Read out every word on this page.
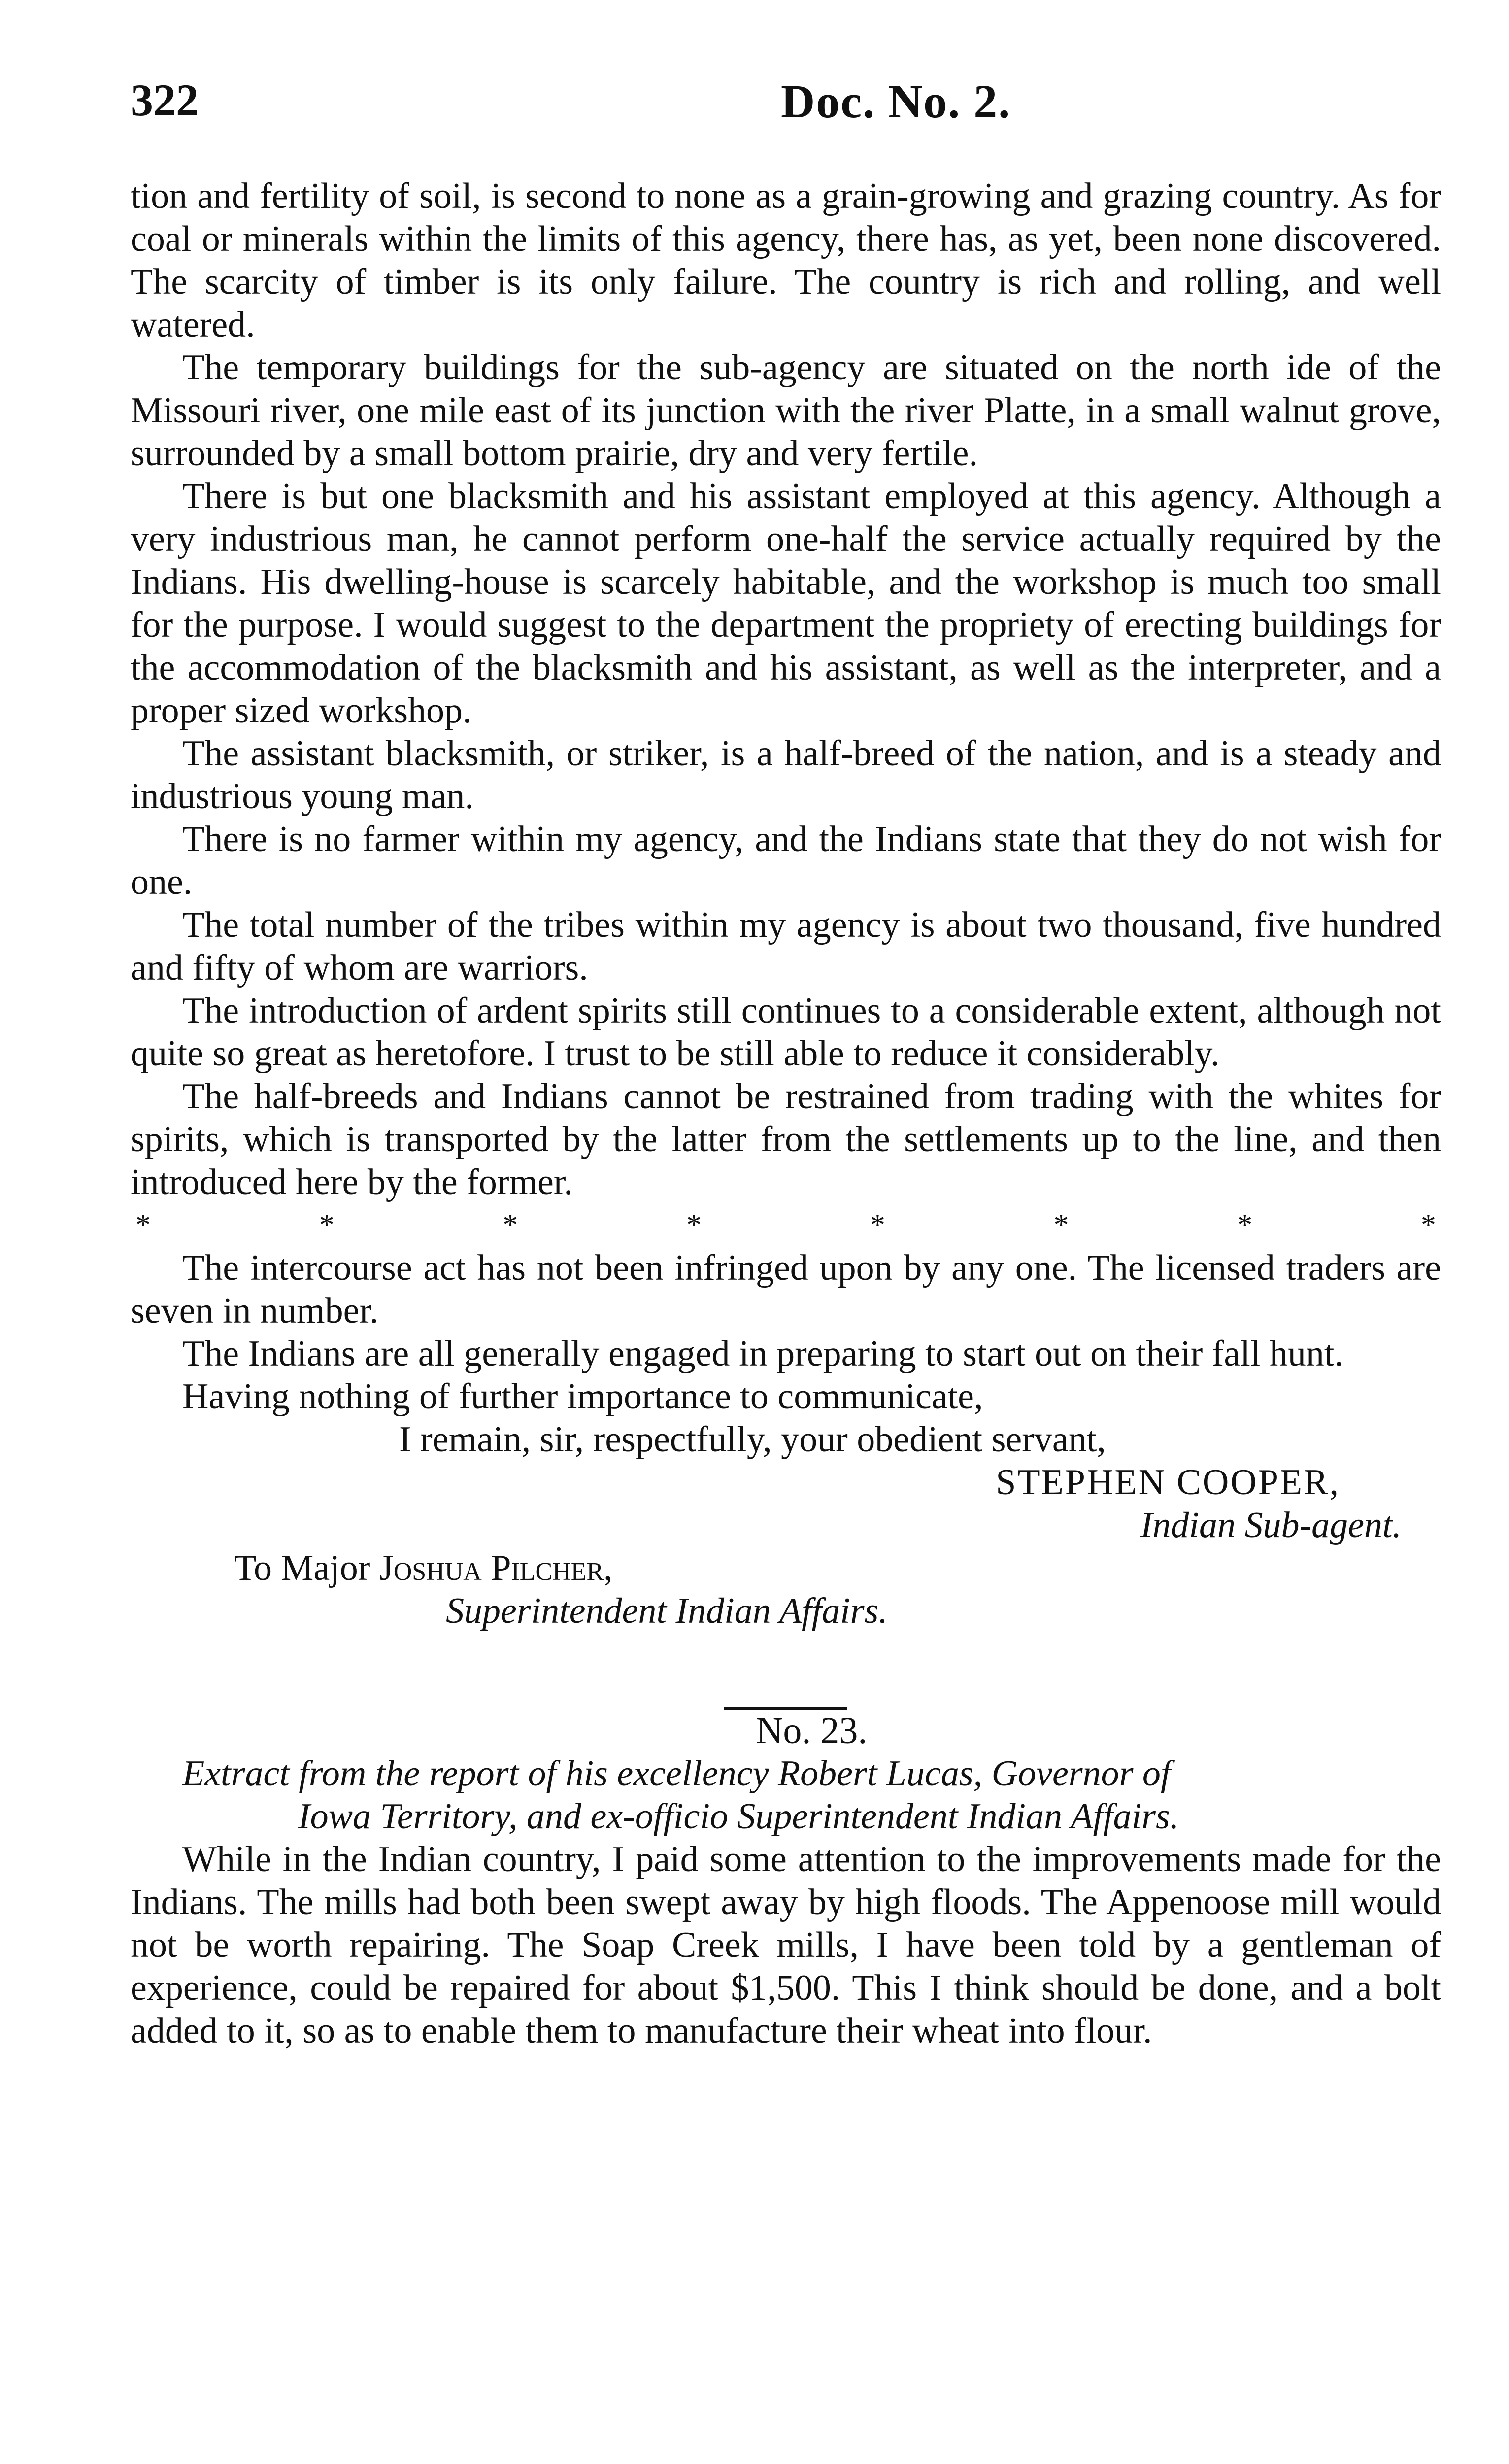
322	Doc. No. 2.

tion and fertility of soil, is second to none as a grain-growing and grazing country. As for coal or minerals within the limits of this agency, there has, as yet, been none discovered. The scarcity of timber is its only failure. The country is rich and rolling, and well watered.

The temporary buildings for the sub-agency are situated on the north ide of the Missouri river, one mile east of its junction with the river Platte, in a small walnut grove, surrounded by a small bottom prairie, dry and very fertile.

There is but one blacksmith and his assistant employed at this agency. Although a very industrious man, he cannot perform one-half the service actually required by the Indians. His dwelling-house is scarcely habitable, and the workshop is much too small for the purpose. I would suggest to the department the propriety of erecting buildings for the accommodation of the blacksmith and his assistant, as well as the interpreter, and a proper sized workshop.

The assistant blacksmith, or striker, is a half-breed of the nation, and is a steady and industrious young man.

There is no farmer within my agency, and the Indians state that they do not wish for one.

The total number of the tribes within my agency is about two thousand, five hundred and fifty of whom are warriors.

The introduction of ardent spirits still continues to a considerable extent, although not quite so great as heretofore. I trust to be still able to reduce it considerably.

The half-breeds and Indians cannot be restrained from trading with the whites for spirits, which is transported by the latter from the settlements up to the line, and then introduced here by the former.

*	*	*	*	*	*	*	*

The intercourse act has not been infringed upon by any one. The licensed traders are seven in number.

The Indians are all generally engaged in preparing to start out on their fall hunt.

Having nothing of further importance to communicate,

I remain, sir, respectfully, your obedient servant,

STEPHEN COOPER,

Indian Sub-agent.

To Major Joshua Pilcher,

Superintendent Indian Affairs.

No. 23.

Extract from the report of his excellency Robert Lucas, Governor of

Iowa Territory, and ex-officio Superintendent Indian Affairs.

While in the Indian country, I paid some attention to the improvements made for the Indians. The mills had both been swept away by high floods. The Appenoose mill would not be worth repairing. The Soap Creek mills, I have been told by a gentleman of experience, could be repaired for about $1,500. This I think should be done, and a bolt added to it, so as to enable them to manufacture their wheat into flour.
